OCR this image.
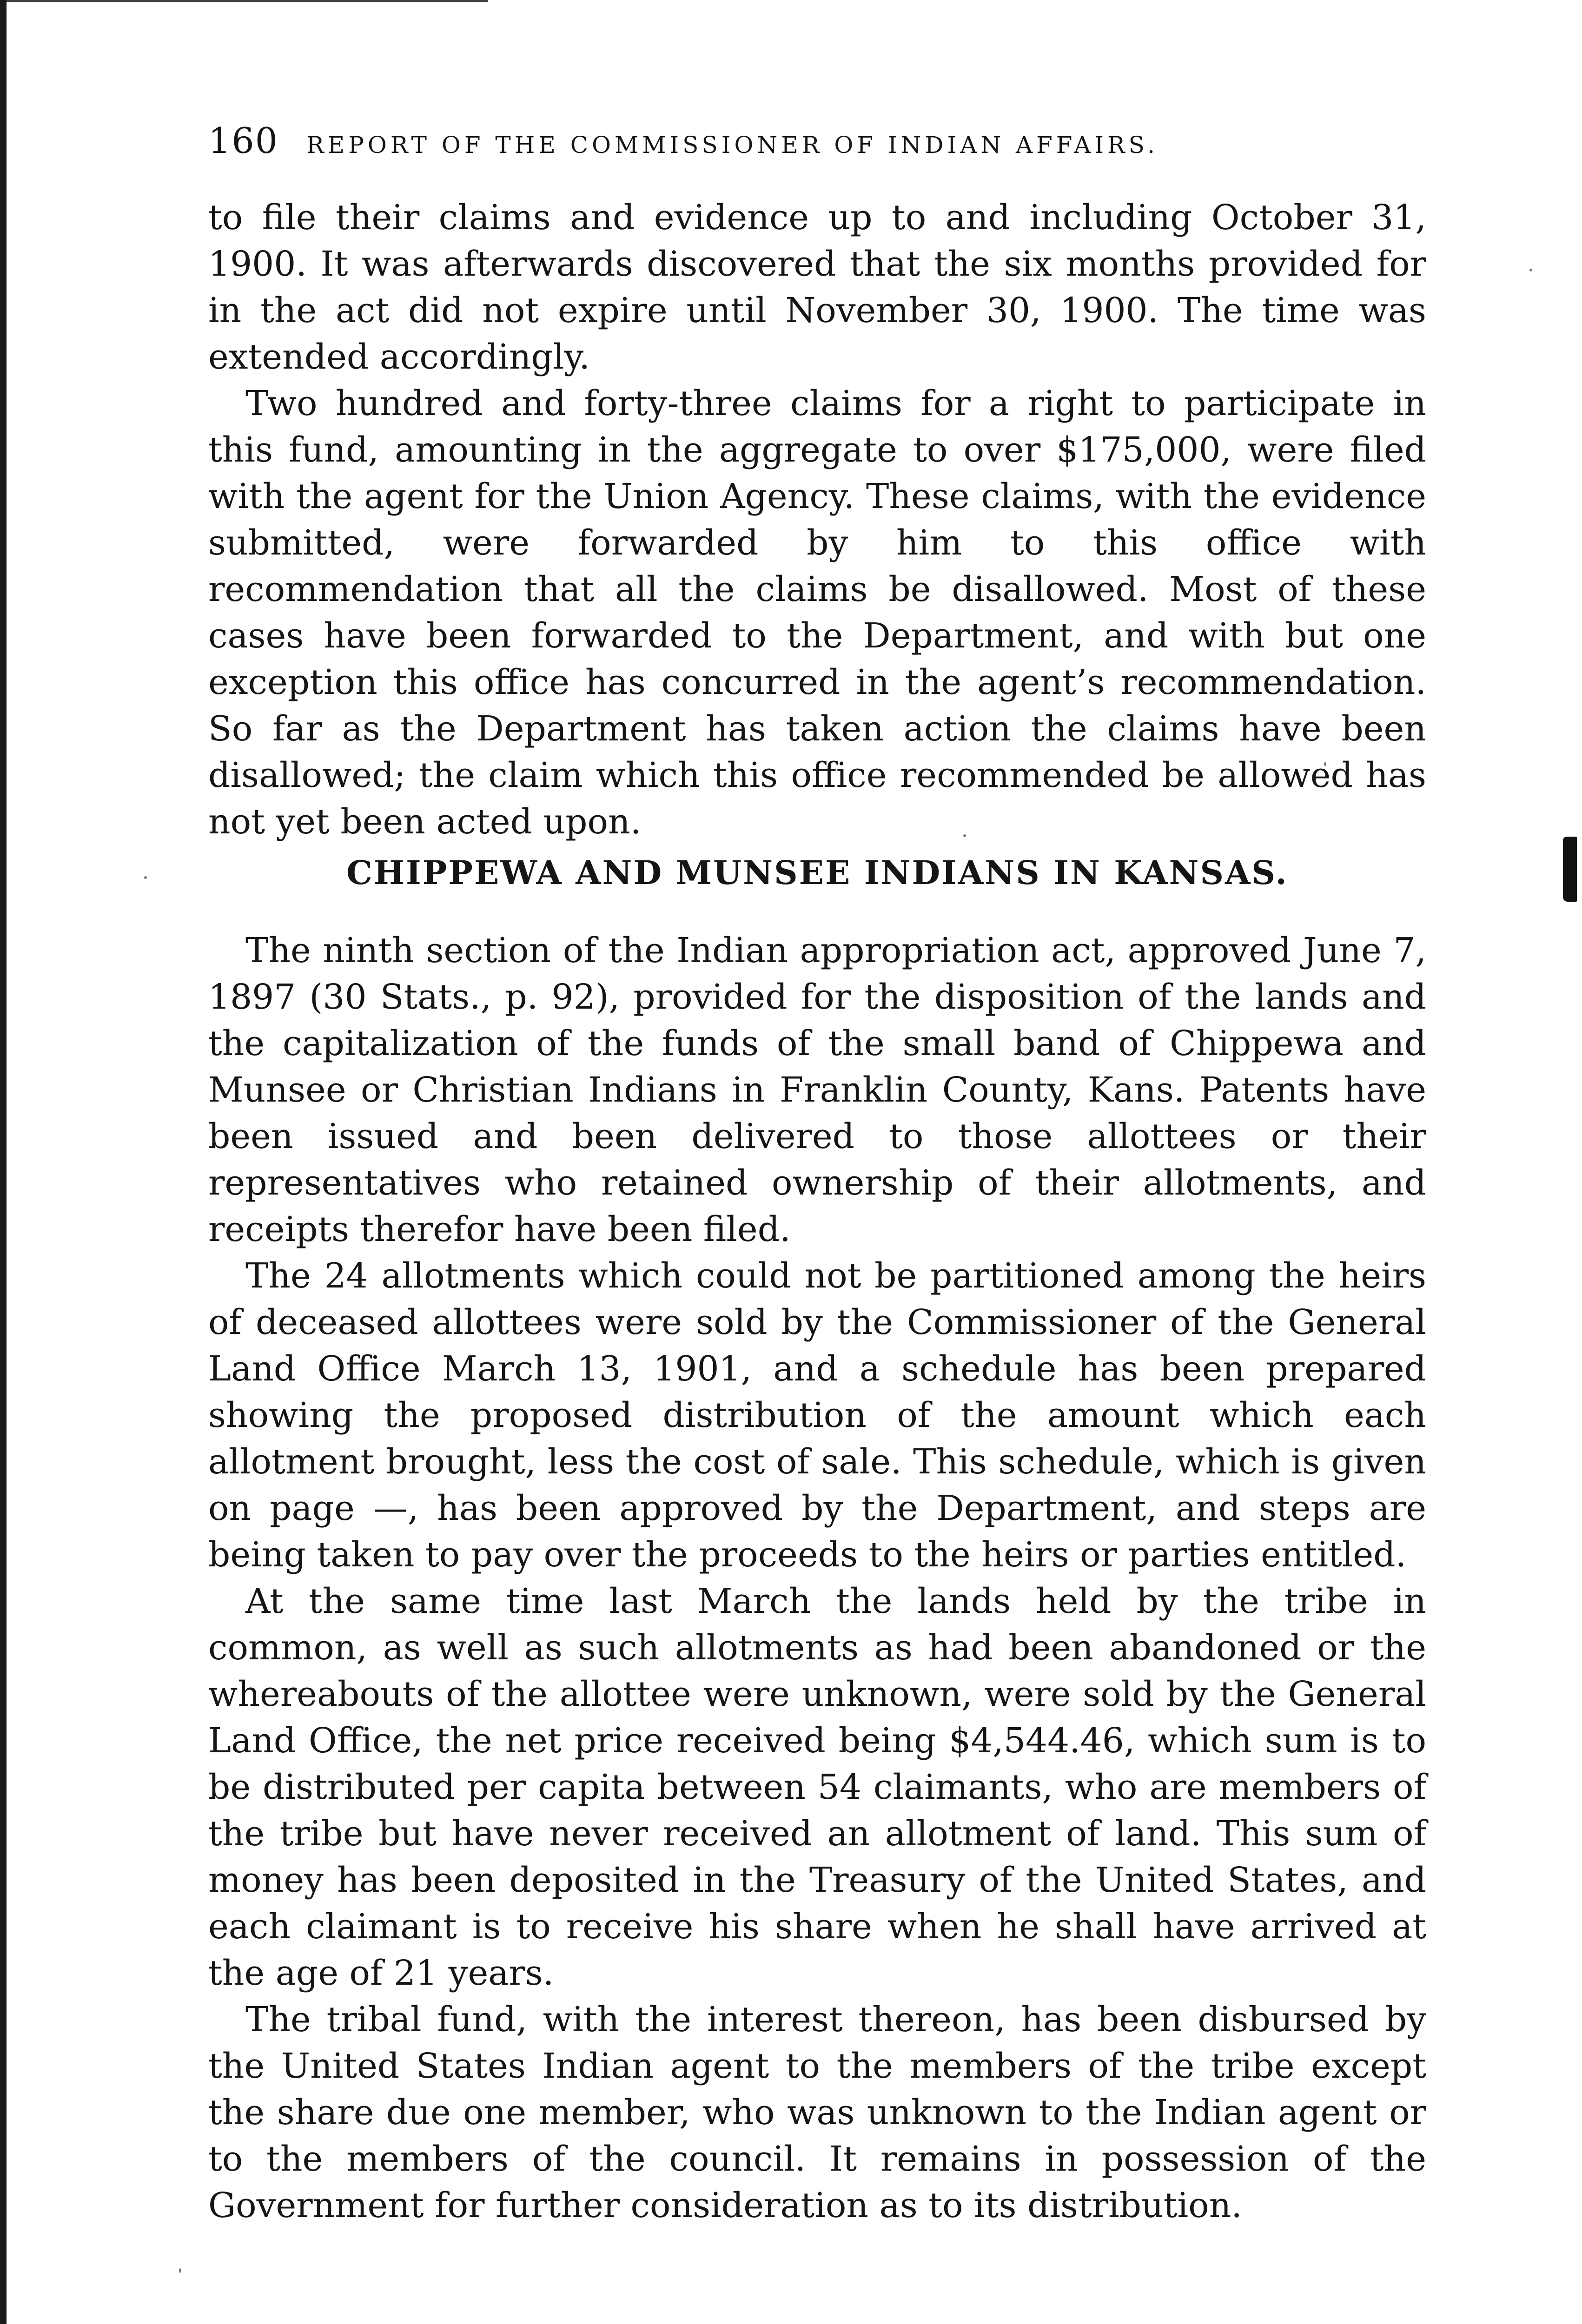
160 REPORT OF THE COMMISSIONER OF INDIAN AFFAIRS.

to file their claims and evidence up to and including October 31, 1900. It was afterwards discovered that the six months provided for in the act did not expire until November 30, 1900. The time was extended accordingly.

Two hundred and forty-three claims for a right to participate in this fund, amounting in the aggregate to over $175,000, were filed with the agent for the Union Agency. These claims, with the evidence submitted, were forwarded by him to this office with recommendation that all the claims be disallowed. Most of these cases have been forwarded to the Department, and with but one exception this office has concurred in the agent’s recommendation. So far as the Department has taken action the claims have been disallowed; the claim which this office recommended be allowed has not yet been acted upon.

CHIPPEWA AND MUNSEE INDIANS IN KANSAS.

The ninth section of the Indian appropriation act, approved June 7, 1897 (30 Stats., p. 92), provided for the disposition of the lands and the capitalization of the funds of the small band of Chippewa and Munsee or Christian Indians in Franklin County, Kans. Patents have been issued and been delivered to those allottees or their representatives who retained ownership of their allotments, and receipts therefor have been filed.

The 24 allotments which could not be partitioned among the heirs of deceased allottees were sold by the Commissioner of the General Land Office March 13, 1901, and a schedule has been prepared showing the proposed distribution of the amount which each allotment brought, less the cost of sale. This schedule, which is given on page —, has been approved by the Department, and steps are being taken to pay over the proceeds to the heirs or parties entitled.

At the same time last March the lands held by the tribe in common, as well as such allotments as had been abandoned or the whereabouts of the allottee were unknown, were sold by the General Land Office, the net price received being $4,544.46, which sum is to be distributed per capita between 54 claimants, who are members of the tribe but have never received an allotment of land. This sum of money has been deposited in the Treasury of the United States, and each claimant is to receive his share when he shall have arrived at the age of 21 years.

The tribal fund, with the interest thereon, has been disbursed by the United States Indian agent to the members of the tribe except the share due one member, who was unknown to the Indian agent or to the members of the council. It remains in possession of the Government for further consideration as to its distribution.
